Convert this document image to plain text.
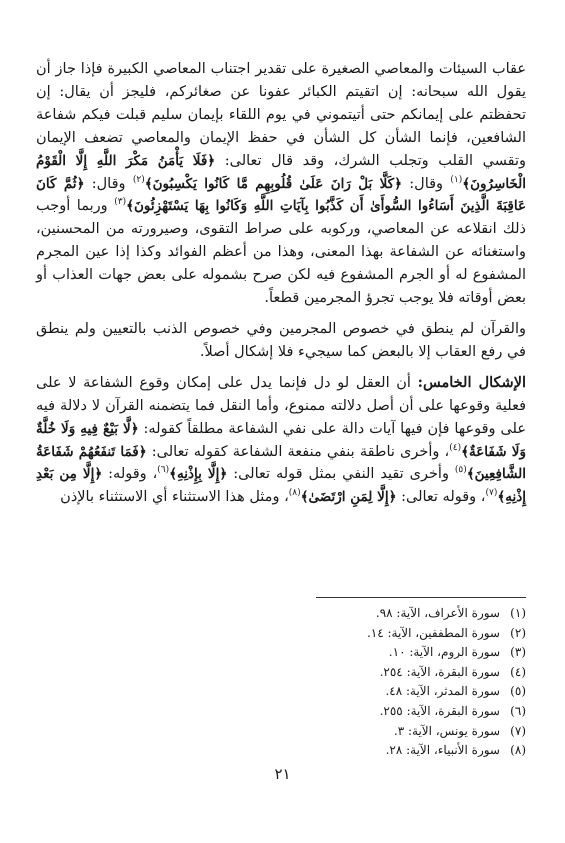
عقاب السيئات والمعاصي الصغيرة على تقدير اجتناب المعاصي الكبيرة فإذا جاز أن يقول الله سبحانه: إن اتقيتم الكبائر عفونا عن صغائركم، فليجز أن يقال: إن تحفظتم على إيمانكم حتى أتيتموني في يوم اللقاء بإيمان سليم قبلت فيكم شفاعة الشافعين، فإنما الشأن كل الشأن في حفظ الإيمان والمعاصي تضعف الإيمان وتقسي القلب وتجلب الشرك، وقد قال تعالى: ﴿فَلَا يَأْمَنُ مَكْرَ اللَّهِ إِلَّا الْقَوْمُ الْخَاسِرُونَ﴾$^{(١)}$ وقال: ﴿كَلَّا بَلْ رَانَ عَلَىٰ قُلُوبِهِم مَّا كَانُوا يَكْسِبُونَ﴾$^{(٢)}$ وقال: ﴿ثُمَّ كَانَ عَاقِبَةَ الَّذِينَ أَسَاءُوا السُّوأَىٰ أَن كَذَّبُوا بِآيَاتِ اللَّهِ وَكَانُوا بِهَا يَسْتَهْزِئُونَ﴾$^{(٣)}$ وربما أوجب ذلك انقلاعه عن المعاصي، وركوبه على صراط التقوى، وصيرورته من المحسنين، واستغنائه عن الشفاعة بهذا المعنى، وهذا من أعظم الفوائد وكذا إذا عين المجرم المشفوع له أو الجرم المشفوع فيه لكن صرح بشموله على بعض جهات العذاب أو بعض أوقاته فلا يوجب تجرؤ المجرمين قطعاً.

والقرآن لم ينطق في خصوص المجرمين وفي خصوص الذنب بالتعيين ولم ينطق في رفع العقاب إلا بالبعض كما سيجيء فلا إشكال أصلاً.

الإشكال الخامس: أن العقل لو دل فإنما يدل على إمكان وقوع الشفاعة لا على فعلية وقوعها على أن أصل دلالته ممنوع، وأما النقل فما يتضمنه القرآن لا دلالة فيه على وقوعها فإن فيها آيات دالة على نفي الشفاعة مطلقاً كقوله: ﴿لَّا بَيْعٌ فِيهِ وَلَا خُلَّةٌ وَلَا شَفَاعَةٌ﴾$^{(٤)}$، وأخرى ناطقة بنفي منفعة الشفاعة كقوله تعالى: ﴿فَمَا تَنفَعُهُمْ شَفَاعَةُ الشَّافِعِينَ﴾$^{(٥)}$ وأخرى تقيد النفي بمثل قوله تعالى: ﴿إِلَّا بِإِذْنِهِ﴾$^{(٦)}$، وقوله: ﴿إِلَّا مِن بَعْدِ إِذْنِهِ﴾$^{(٧)}$، وقوله تعالى: ﴿إِلَّا لِمَنِ ارْتَضَىٰ﴾$^{(٨)}$، ومثل هذا الاستثناء أي الاستثناء بالإذن

(١)سورة الأعراف، الآية: ٩٨.
(٢)سورة المطففين، الآية: ١٤.
(٣)سورة الروم، الآية: ١٠.
(٤)سورة البقرة، الآية: ٢٥٤.
(٥)سورة المدثر، الآية: ٤٨.
(٦)سورة البقرة، الآية: ٢٥٥.
(٧)سورة يونس، الآية: ٣.
(٨)سورة الأنبياء، الآية: ٢٨.
٢١
